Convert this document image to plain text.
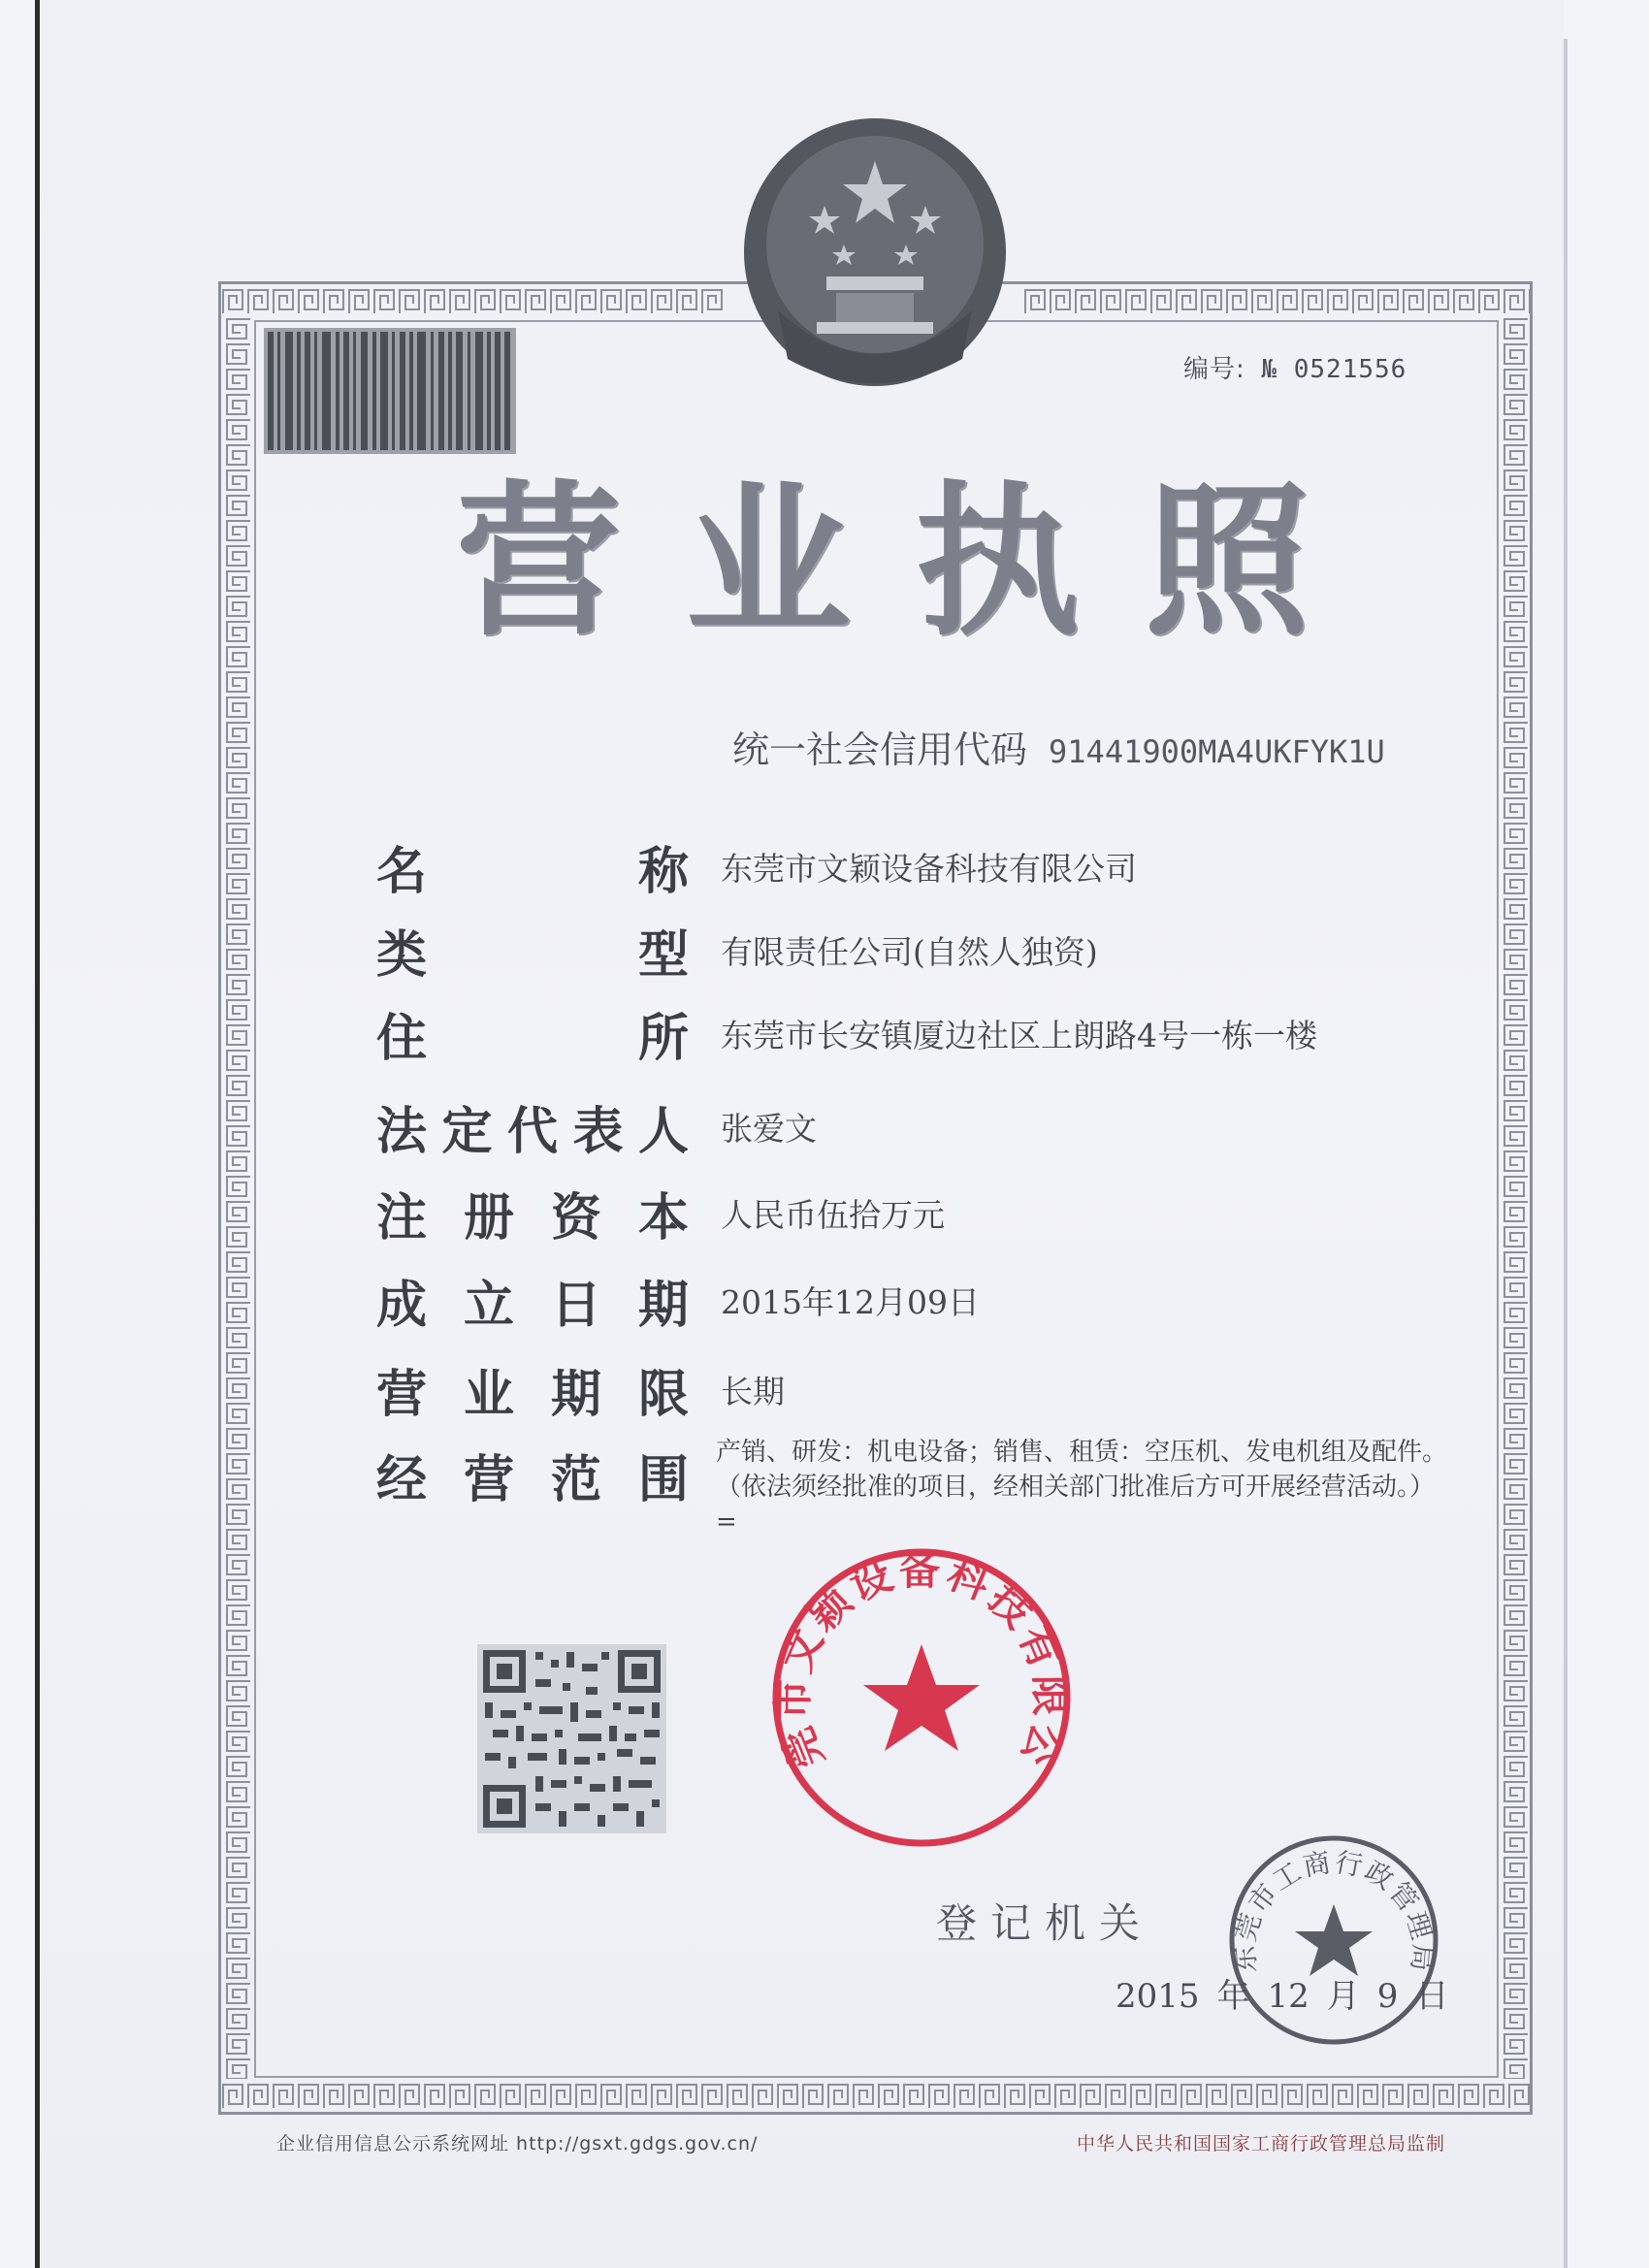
编号: № 0521556
营 业 执 照
统一社会信用代码 91441900MA4UKFYK1U
名	称 东莞市文颖设备科技有限公司
类	型 有限责任公司(自然人独资)
住	所 东莞市长安镇厦边社区上朗路4号一栋一楼
法 定 代 表 人 张爱文
注 册 资 本 人民币伍拾万元
成 立 日 期 2015年12月09日
营 业 期 限 长期
经 营 范 围 产销、研发：机电设备；销售、租赁：空压机、发电机组及配件。
（依法须经批准的项目，经相关部门批准后方可开展经营活动。）
=
莞市文颖设备科技有限公
登记机关
东莞市工商行政管理局
2015 年 12 月 9 日
企业信用信息公示系统网址 http://gsxt.gdgs.gov.cn/	中华人民共和国国家工商行政管理总局监制
